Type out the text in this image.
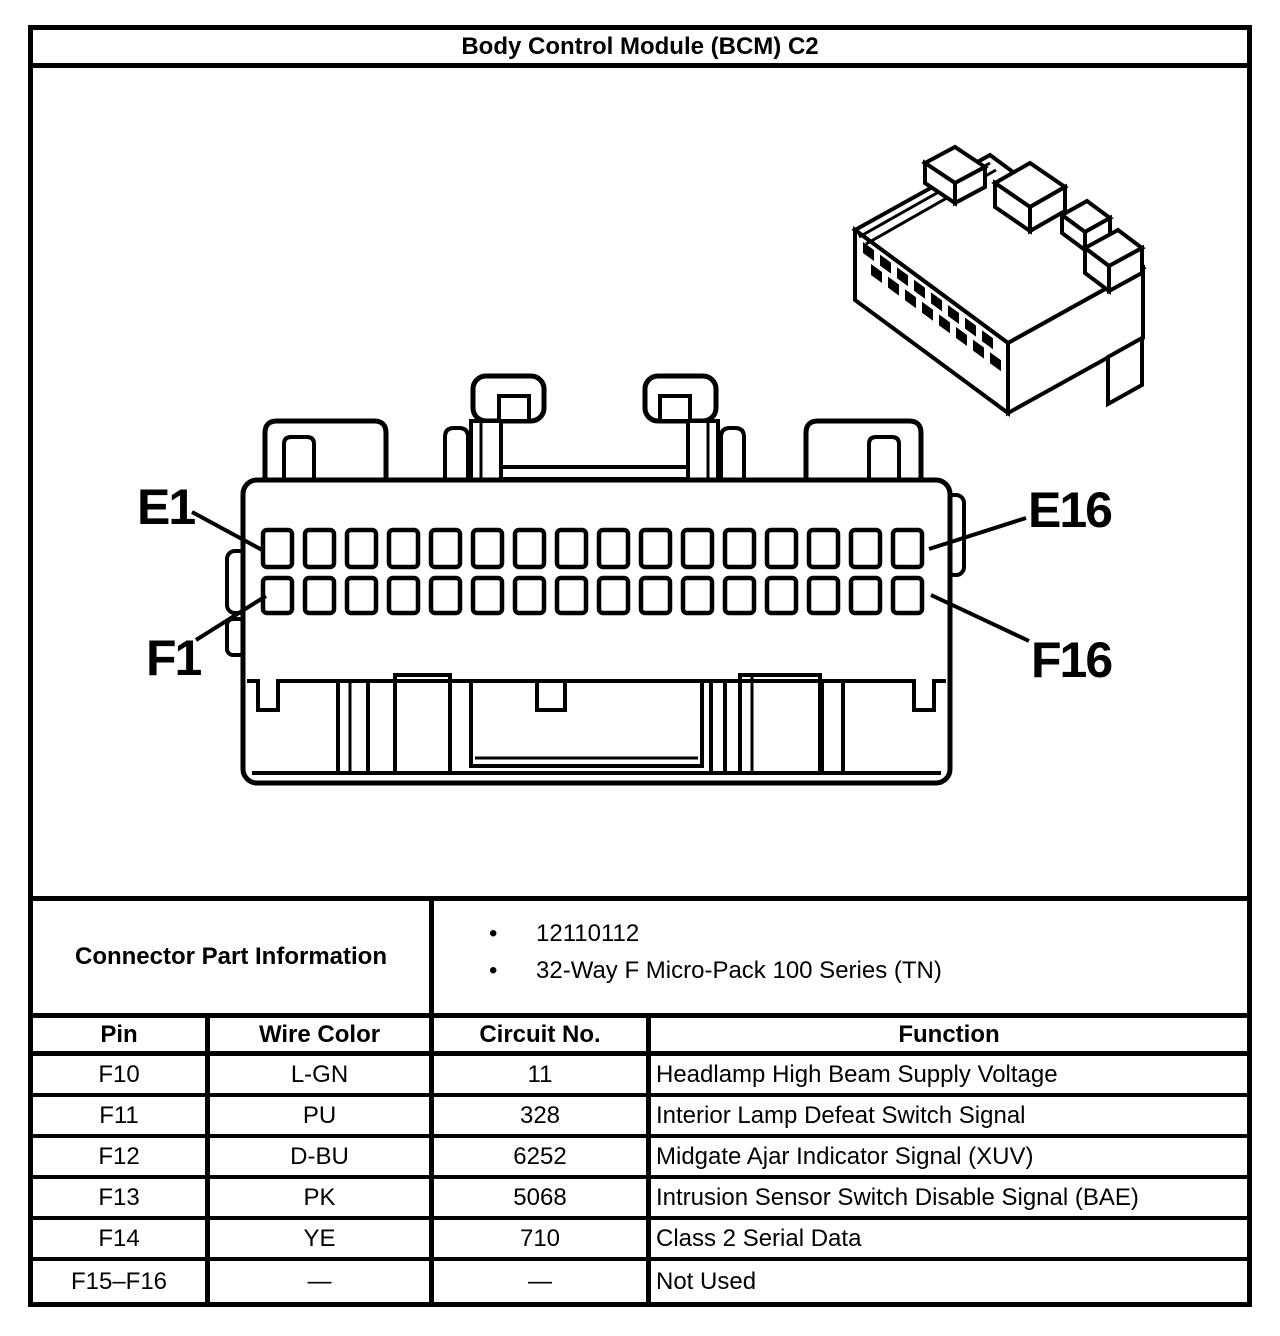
Body Control Module (BCM) C2
E1
F1
E16
F16
Connector Part Information
•	12110112
•	32-Way F Micro-Pack 100 Series (TN)
Pin	Wire Color	Circuit No.	Function
F10	L-GN	11	Headlamp High Beam Supply Voltage
F11	PU	328	Interior Lamp Defeat Switch Signal
F12	D-BU	6252	Midgate Ajar Indicator Signal (XUV)
F13	PK	5068	Intrusion Sensor Switch Disable Signal (BAE)
F14	YE	710	Class 2 Serial Data
F15–F16	—	—	Not Used
